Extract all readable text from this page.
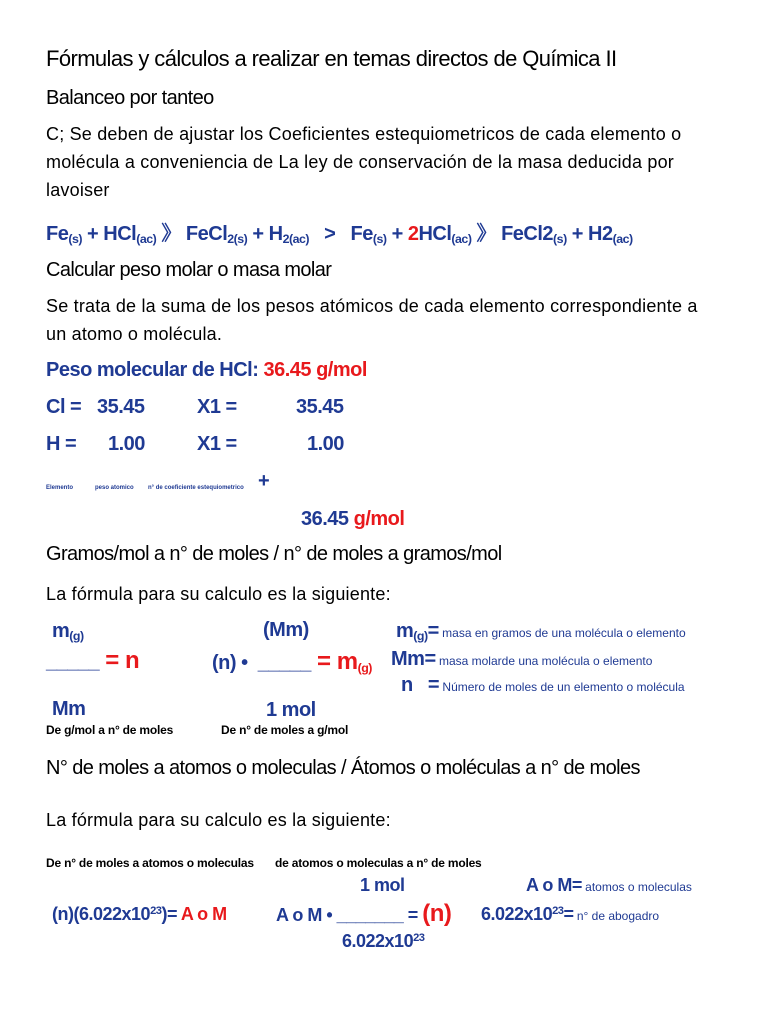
Fórmulas y cálculos a realizar en temas directos de Química II
Balanceo por tanteo
C; Se deben de ajustar los Coeficientes estequiometricos de cada elemento o
molécula a conveniencia de La ley de conservación de la masa deducida por
lavoiser
$Fe_{(s)} + HCl_{(ac)}$ 》 FeCl$_{2(s)}$ + $H_{2(ac)} > Fe_{(s)} + 2HCl_{(ac)}$ 》 $FeCl2_{(s)} + H2_{(ac)}$
Calcular peso molar o masa molar
Se trata de la suma de los pesos atómicos de cada elemento correspondiente a
un atomo o molécula.
Peso molecular de HCl: 36.45 g/mol
Cl = 35.45	X1 =	35.45
H = 1.00	X1 =	1.00
Elemento	peso atomico n° de coeficiente estequiometrico +
36.45 g/mol
Gramos/mol a n° de moles / n° de moles a gramos/mol
La fórmula para su calculo es la siguiente:
$m_{(g)}$
_____ = n
Mm
De g/mol a n° de moles
(Mm)
(n) • _____ = $m_{(g)}$
1 mol
De n° de moles a g/mol
$m_{(g)}=$ masa en gramos de una molécula o elemento
Mm= masa molarde una molécula o elemento
n = Número de moles de un elemento o molécula
N° de moles a atomos o moleculas / Átomos o moléculas a n° de moles
La fórmula para su calculo es la siguiente:
De n° de moles a atomos o moleculas de atomos o moleculas a n° de moles
1 mol	A o M= atomos o moleculas
$(n)(6.022x10^{23})= A$ o M	A o M • _______ = (n) $6.022x10^{23}= n^\circ$ de abogadro
$6.022x10^{23}$
